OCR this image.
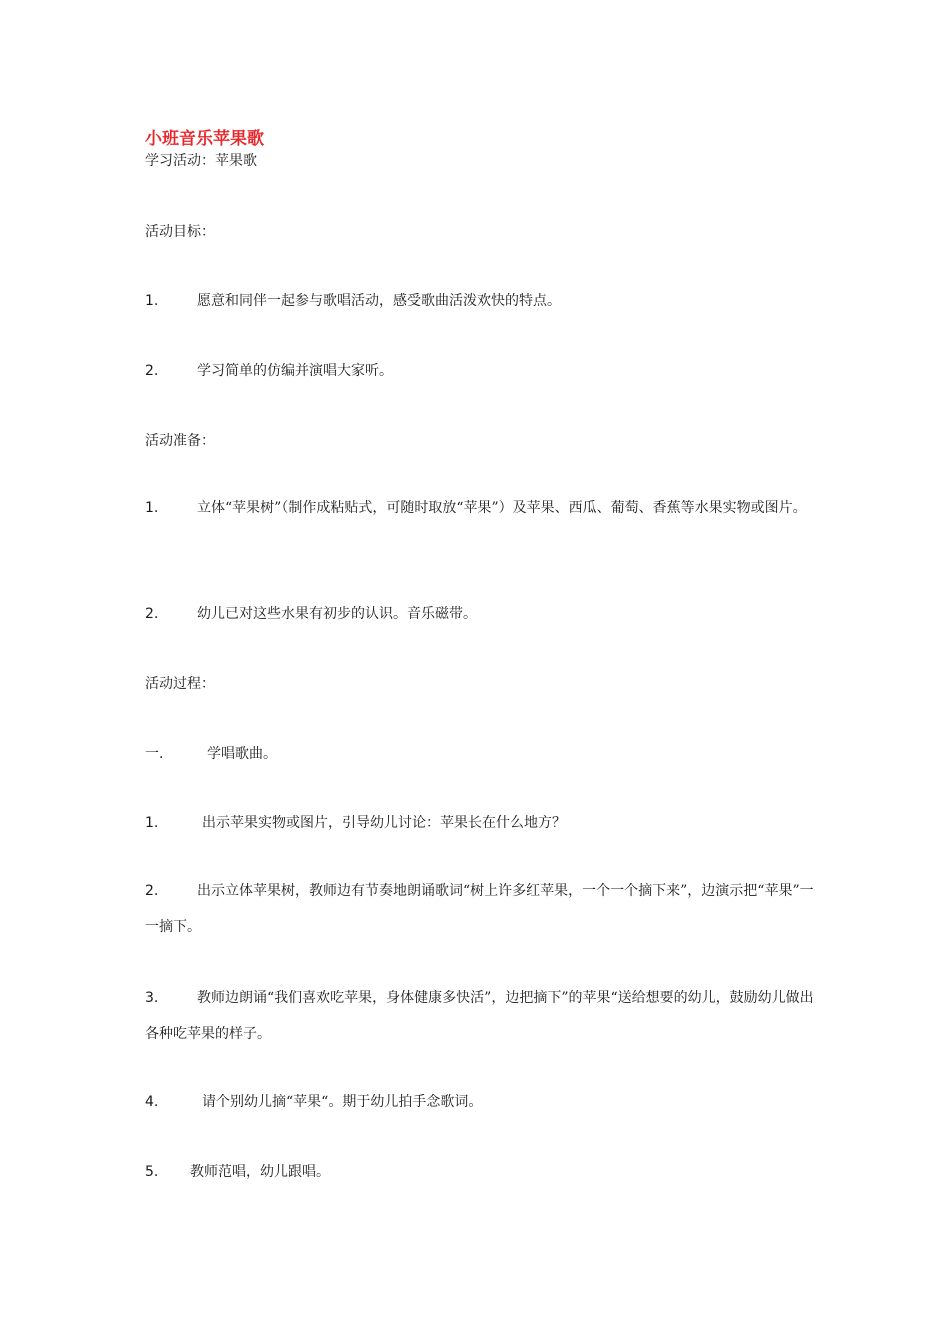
小班音乐苹果歌
学习活动：苹果歌
活动目标：
1.	愿意和同伴一起参与歌唱活动，感受歌曲活泼欢快的特点。
2.	学习简单的仿编并演唱大家听。
活动准备：
1.	立体“苹果树”（制作成粘贴式，可随时取放“苹果”）及苹果、西瓜、葡萄、香蕉等水果实物或图片。
2.	幼儿已对这些水果有初步的认识。音乐磁带。
活动过程：
一.	学唱歌曲。
1.	出示苹果实物或图片，引导幼儿讨论：苹果长在什么地方？
2.	出示立体苹果树，教师边有节奏地朗诵歌词“树上许多红苹果，一个一个摘下来”，边演示把“苹果”一一摘下。
3.	教师边朗诵“我们喜欢吃苹果，身体健康多快活”，边把摘下”的苹果“送给想要的幼儿，鼓励幼儿做出各种吃苹果的样子。
4.	请个别幼儿摘“苹果“。期于幼儿拍手念歌词。
5. 教师范唱，幼儿跟唱。
